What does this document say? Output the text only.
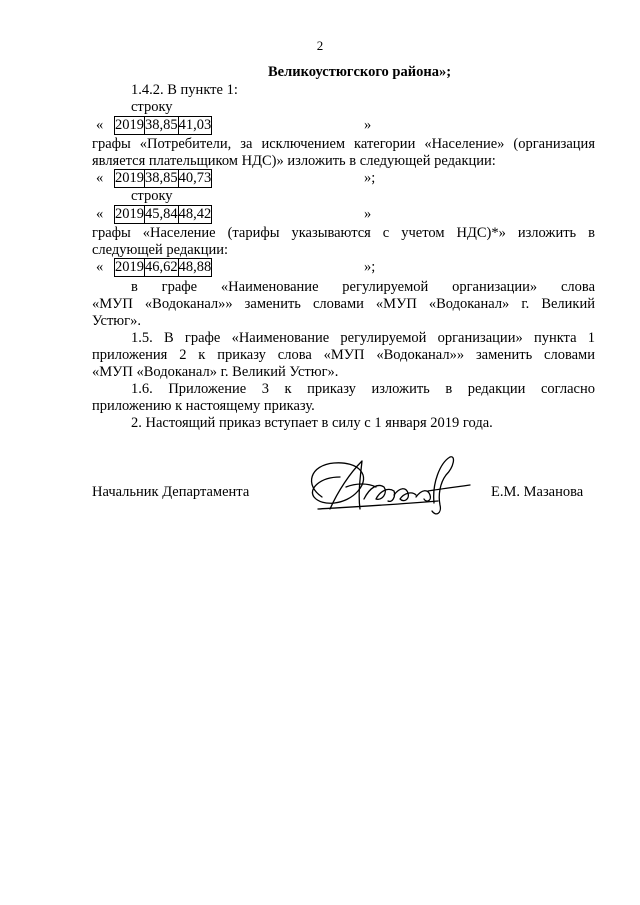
2
Великоустюгского района»;
1.4.2. В пункте 1:
строку
« 2019	38,85	41,03	»
графы «Потребители, за исключением категории «Население» (организация
является плательщиком НДС)» изложить в следующей редакции:
« 2019	38,85	40,73	»;
строку
« 2019	45,84	48,42	»
графы «Население (тарифы указываются с учетом НДС)*» изложить в
следующей редакции:
« 2019	46,62	48,88	»;
в графе «Наименование регулируемой организации» слова
«МУП «Водоканал»» заменить словами «МУП «Водоканал» г. Великий
Устюг».
1.5. В графе «Наименование регулируемой организации» пункта 1
приложения 2 к приказу слова «МУП «Водоканал»» заменить словами
«МУП «Водоканал» г. Великий Устюг».
1.6. Приложение 3 к приказу изложить в редакции согласно
приложению к настоящему приказу.
2. Настоящий приказ вступает в силу с 1 января 2019 года.
Начальник Департамента	Е.М. Мазанова
